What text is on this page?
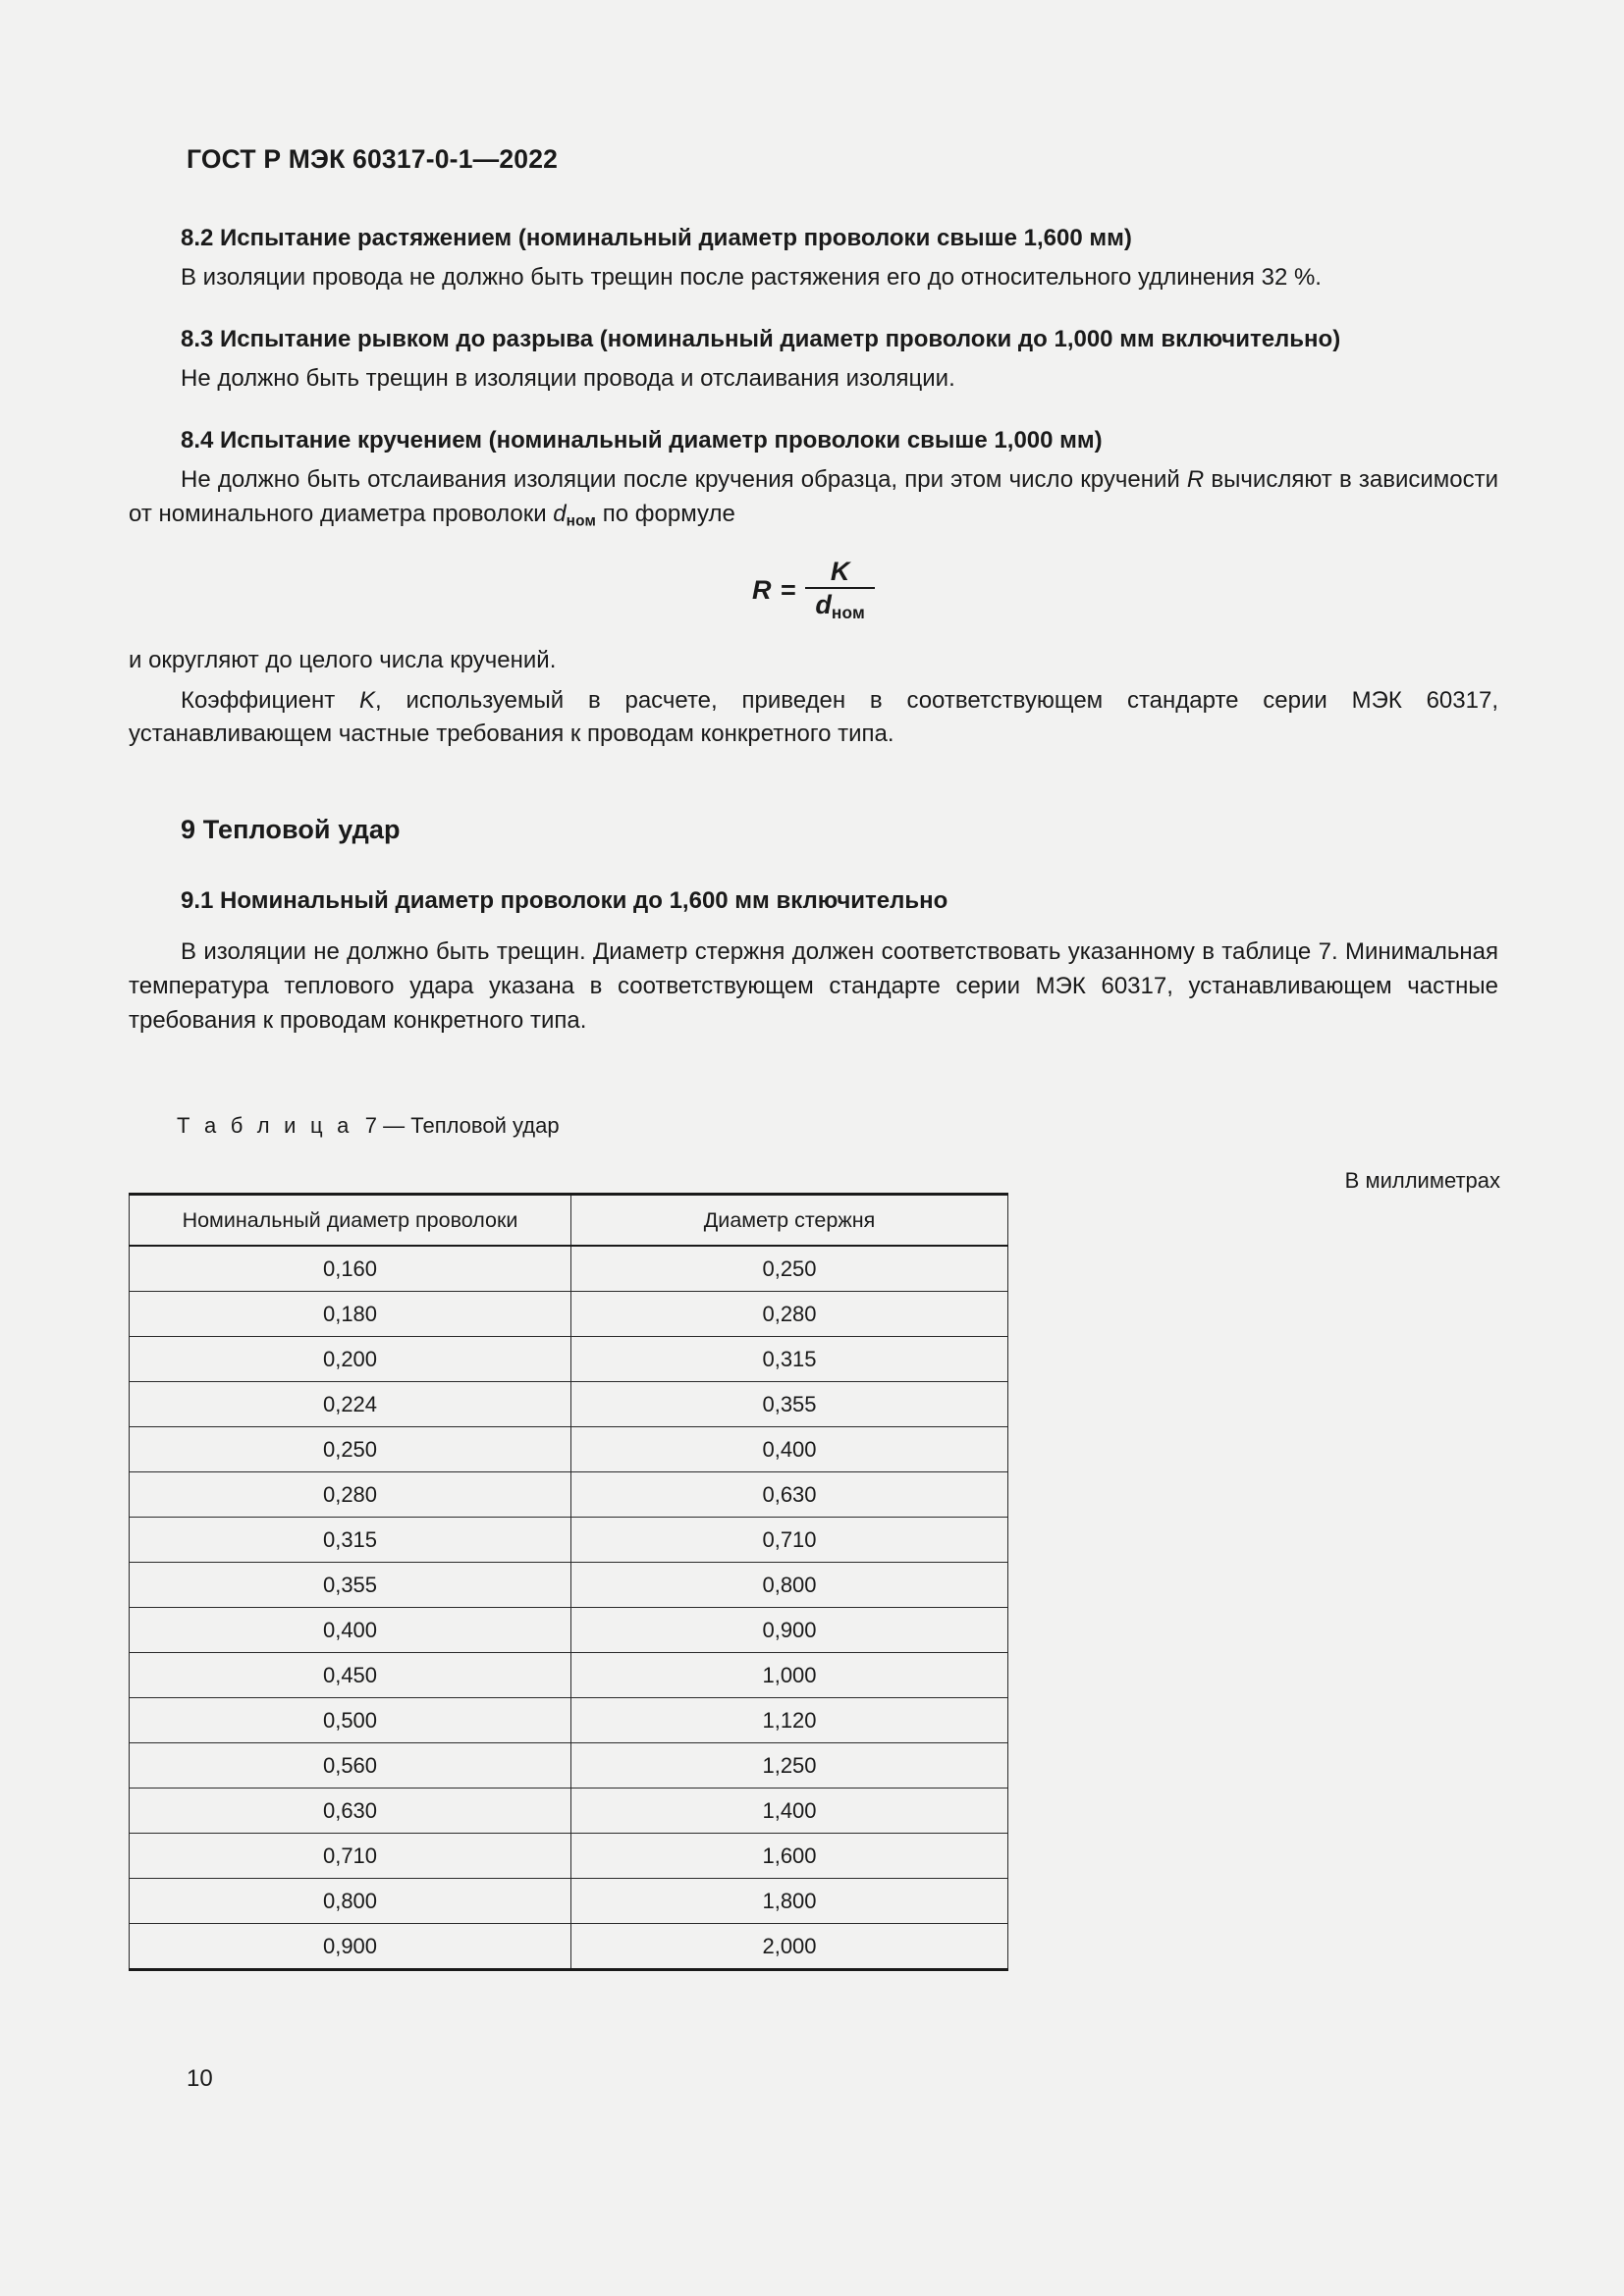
ГОСТ Р МЭК 60317-0-1—2022
8.2 Испытание растяжением (номинальный диаметр проволоки свыше 1,600 мм)

В изоляции провода не должно быть трещин после растяжения его до относительного удлинения 32 %.

8.3 Испытание рывком до разрыва (номинальный диаметр проволоки до 1,000 мм включительно)

Не должно быть трещин в изоляции провода и отслаивания изоляции.

8.4 Испытание кручением (номинальный диаметр проволоки свыше 1,000 мм)

Не должно быть отслаивания изоляции после кручения образца, при этом число кручений R вычисляют в зависимости от номинального диаметра проволоки $d_{ном}$ по формуле

$R = \frac{K}{d_{ном}}$

и округляют до целого числа кручений.

Коэффициент K, используемый в расчете, приведен в соответствующем стандарте серии МЭК 60317, устанавливающем частные требования к проводам конкретного типа.

9 Тепловой удар
9.1 Номинальный диаметр проволоки до 1,600 мм включительно

В изоляции не должно быть трещин. Диаметр стержня должен соответствовать указанному в таблице 7. Минимальная температура теплового удара указана в соответствующем стандарте серии МЭК 60317, устанавливающем частные требования к проводам конкретного типа.

Т а б л и ц а 7 — Тепловой удар

В миллиметрах

Номинальный диаметр проволоки	Диаметр стержня
0,160	0,250
0,180	0,280
0,200	0,315
0,224	0,355
0,250	0,400
0,280	0,630
0,315	0,710
0,355	0,800
0,400	0,900
0,450	1,000
0,500	1,120
0,560	1,250
0,630	1,400
0,710	1,600
0,800	1,800
0,900	2,000
10
